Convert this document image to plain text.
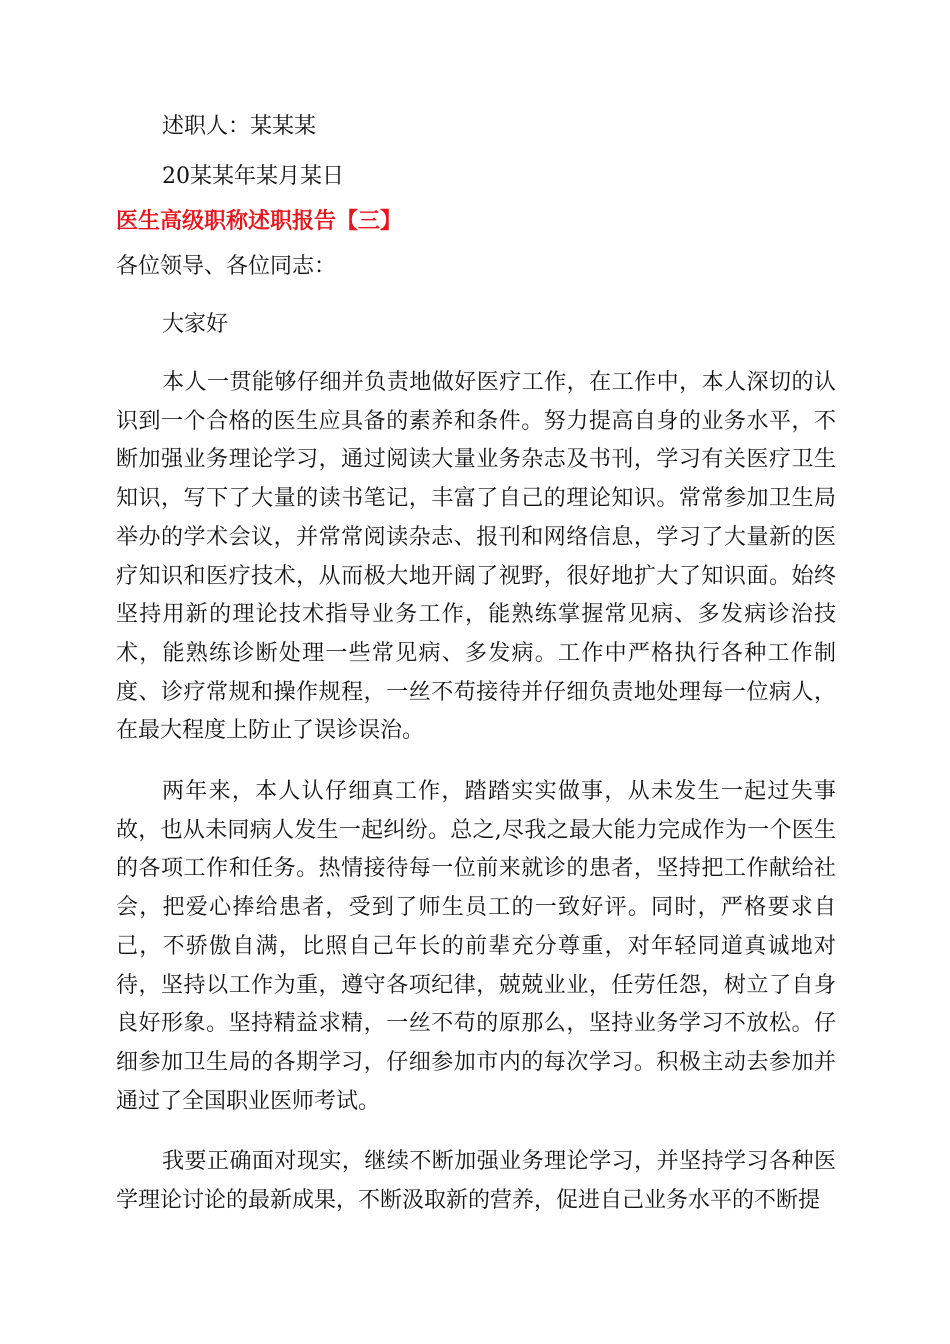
述职人：某某某

20某某年某月某日

医生高级职称述职报告【三】

各位领导、各位同志：

大家好

本人一贯能够仔细并负责地做好医疗工作，在工作中，本人深切的认识到一个合格的医生应具备的素养和条件。努力提高自身的业务水平，不断加强业务理论学习，通过阅读大量业务杂志及书刊，学习有关医疗卫生知识，写下了大量的读书笔记，丰富了自己的理论知识。常常参加卫生局举办的学术会议，并常常阅读杂志、报刊和网络信息，学习了大量新的医疗知识和医疗技术，从而极大地开阔了视野，很好地扩大了知识面。始终坚持用新的理论技术指导业务工作，能熟练掌握常见病、多发病诊治技术，能熟练诊断处理一些常见病、多发病。工作中严格执行各种工作制度、诊疗常规和操作规程，一丝不苟接待并仔细负责地处理每一位病人，在最大程度上防止了误诊误治。

两年来，本人认仔细真工作，踏踏实实做事，从未发生一起过失事故，也从未同病人发生一起纠纷。总之,尽我之最大能力完成作为一个医生的各项工作和任务。热情接待每一位前来就诊的患者，坚持把工作献给社会，把爱心捧给患者，受到了师生员工的一致好评。同时，严格要求自己，不骄傲自满，比照自己年长的前辈充分尊重，对年轻同道真诚地对待，坚持以工作为重，遵守各项纪律，兢兢业业，任劳任怨，树立了自身良好形象。坚持精益求精，一丝不苟的原那么，坚持业务学习不放松。仔细参加卫生局的各期学习，仔细参加市内的每次学习。积极主动去参加并通过了全国职业医师考试。

我要正确面对现实，继续不断加强业务理论学习，并坚持学习各种医学理论讨论的最新成果，不断汲取新的营养，促进自己业务水平的不断提
